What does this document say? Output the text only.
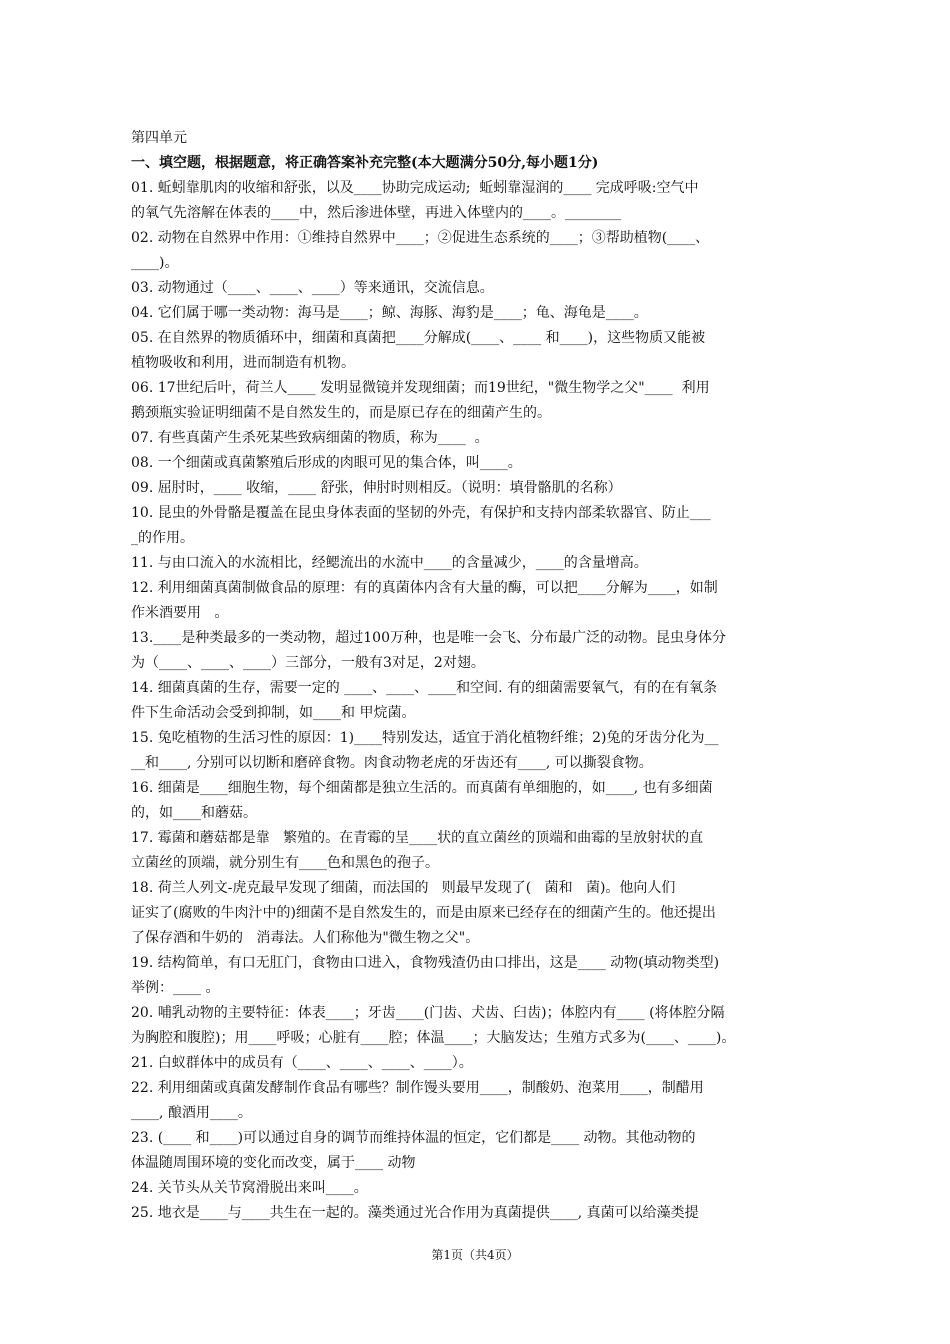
第四单元
一、填空题，根据题意，将正确答案补充完整(本大题满分50分,每小题1分)
01. 蚯蚓靠肌肉的收缩和舒张，以及____协助完成运动;  蚯蚓靠湿润的____ 完成呼吸:空气中
的氧气先溶解在体表的____中，然后渗进体壁，再进入体壁内的____。________
02. 动物在自然界中作用：①维持自然界中____；②促进生态系统的____；③帮助植物(____、
____)。
03. 动物通过（____、____、____）等来通讯，交流信息。
04. 它们属于哪一类动物：海马是____；鲸、海豚、海豹是____；龟、海龟是____。
05. 在自然界的物质循环中，细菌和真菌把____分解成(____、____ 和____)，这些物质又能被
植物吸收和利用，进而制造有机物。
06. 17世纪后叶，荷兰人____ 发明显微镜并发现细菌；而19世纪，"微生物学之父"____  利用
鹅颈瓶实验证明细菌不是自然发生的，而是原已存在的细菌产生的。
07. 有些真菌产生杀死某些致病细菌的物质，称为____  。
08. 一个细菌或真菌繁殖后形成的肉眼可见的集合体，叫____。
09. 屈肘时，____ 收缩，____ 舒张，伸肘时则相反。（说明：填骨骼肌的名称）
10. 昆虫的外骨骼是覆盖在昆虫身体表面的坚韧的外壳，有保护和支持内部柔软器官、防止___
_的作用。
11. 与由口流入的水流相比，经鳃流出的水流中____的含量减少，____的含量增高。
12. 利用细菌真菌制做食品的原理：有的真菌体内含有大量的酶，可以把____分解为____，如制
作米酒要用   。
13.____是种类最多的一类动物，超过100万种，也是唯一会飞、分布最广泛的动物。昆虫身体分
为（____、____、____）三部分，一般有3对足，2对翅。
14. 细菌真菌的生存，需要一定的 ____、____、____和空间. 有的细菌需要氧气，有的在有氧条
件下生命活动会受到抑制，如____和 甲烷菌。
15. 兔吃植物的生活习性的原因：1)____特别发达，适宜于消化植物纤维；2)兔的牙齿分化为__
__和____, 分别可以切断和磨碎食物。肉食动物老虎的牙齿还有____, 可以撕裂食物。
16. 细菌是____细胞生物，每个细菌都是独立生活的。而真菌有单细胞的，如____, 也有多细菌
的，如____和蘑菇。
17. 霉菌和蘑菇都是靠   繁殖的。在青霉的呈____状的直立菌丝的顶端和曲霉的呈放射状的直
立菌丝的顶端，就分别生有____色和黑色的孢子。
18. 荷兰人列文-虎克最早发现了细菌，而法国的   则最早发现了(   菌和   菌)。他向人们
证实了(腐败的牛肉汁中的)细菌不是自然发生的，而是由原来已经存在的细菌产生的。他还提出
了保存酒和牛奶的   消毒法。人们称他为"微生物之父"。
19. 结构简单，有口无肛门，食物由口进入，食物残渣仍由口排出，这是____ 动物(填动物类型)
举例：____ 。
20. 哺乳动物的主要特征：体表____；牙齿____(门齿、犬齿、臼齿)；体腔内有____ (将体腔分隔
为胸腔和腹腔)；用____呼吸；心脏有____腔；体温____；大脑发达；生殖方式多为(____、____)。
21. 白蚁群体中的成员有（____、____、____、____）。
22. 利用细菌或真菌发酵制作食品有哪些？制作馒头要用____，制酸奶、泡菜用____，制醋用
____, 酿酒用____。
23. (____ 和____)可以通过自身的调节而维持体温的恒定，它们都是____ 动物。其他动物的
体温随周围环境的变化而改变，属于____ 动物
24. 关节头从关节窝滑脱出来叫____。
25. 地衣是____与____共生在一起的。藻类通过光合作用为真菌提供____, 真菌可以给藻类提
第1页（共4页）
